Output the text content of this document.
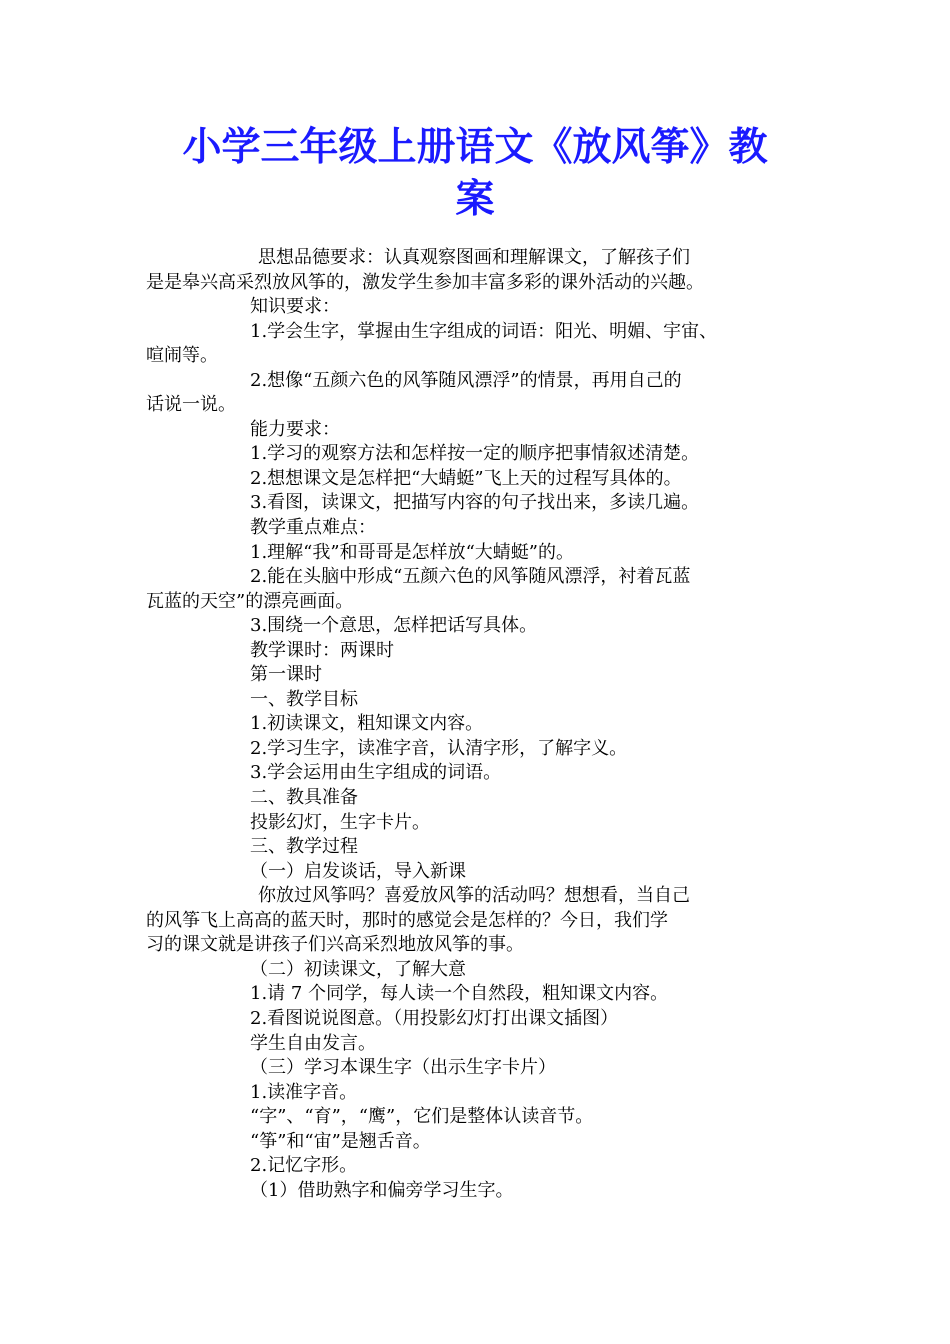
小学三年级上册语文《放风筝》教
案
思想品德要求：认真观察图画和理解课文，了解孩子们
是是皋兴高采烈放风筝的，激发学生参加丰富多彩的课外活动的兴趣。
知识要求：
1.学会生字，掌握由生字组成的词语：阳光、明媚、宇宙、
喧闹等。
2.想像“五颜六色的风筝随风漂浮”的情景，再用自己的
话说一说。
能力要求：
1.学习的观察方法和怎样按一定的顺序把事情叙述清楚。
2.想想课文是怎样把“大蜻蜓”飞上天的过程写具体的。
3.看图，读课文，把描写内容的句子找出来，多读几遍。
教学重点难点：
1.理解“我”和哥哥是怎样放“大蜻蜓”的。
2.能在头脑中形成“五颜六色的风筝随风漂浮，衬着瓦蓝
瓦蓝的天空”的漂亮画面。
3.围绕一个意思，怎样把话写具体。
教学课时：两课时
第一课时
一、教学目标
1.初读课文，粗知课文内容。
2.学习生字，读准字音，认清字形，了解字义。
3.学会运用由生字组成的词语。
二、教具准备
投影幻灯，生字卡片。
三、教学过程
（一）启发谈话，导入新课
你放过风筝吗？喜爱放风筝的活动吗？想想看，当自己
的风筝飞上高高的蓝天时，那时的感觉会是怎样的？今日，我们学
习的课文就是讲孩子们兴高采烈地放风筝的事。
（二）初读课文，了解大意
1.请 7 个同学，每人读一个自然段，粗知课文内容。
2.看图说说图意。（用投影幻灯打出课文插图）
学生自由发言。
（三）学习本课生字（出示生字卡片）
1.读准字音。
“字”、“育”，“鹰”，它们是整体认读音节。
“筝”和“宙”是翘舌音。
2.记忆字形。
（1）借助熟字和偏旁学习生字。
